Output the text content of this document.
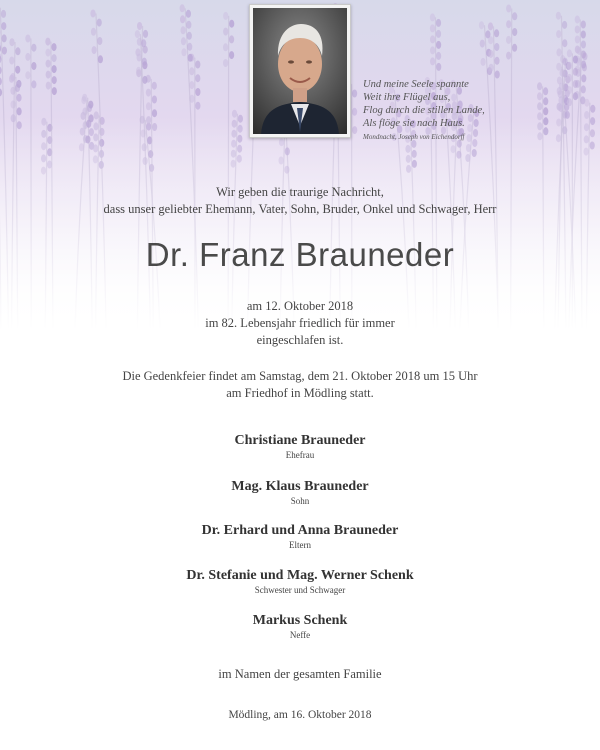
Und meine Seele spannte
Weit ihre Flügel aus,
Flog durch die stillen Lande,
Als flöge sie nach Haus.
Mondnacht, Joseph von Eichendorff
Wir geben die traurige Nachricht,
dass unser geliebter Ehemann, Vater, Sohn, Bruder, Onkel und Schwager, Herr
Dr. Franz Brauneder
am 12. Oktober 2018
im 82. Lebensjahr friedlich für immer
eingeschlafen ist.
Die Gedenkfeier findet am Samstag, dem 21. Oktober 2018 um 15 Uhr
am Friedhof in Mödling statt.
Christiane Brauneder
Ehefrau
Mag. Klaus Brauneder
Sohn
Dr. Erhard und Anna Brauneder
Eltern
Dr. Stefanie und Mag. Werner Schenk
Schwester und Schwager
Markus Schenk
Neffe
im Namen der gesamten Familie
Mödling, am 16. Oktober 2018
